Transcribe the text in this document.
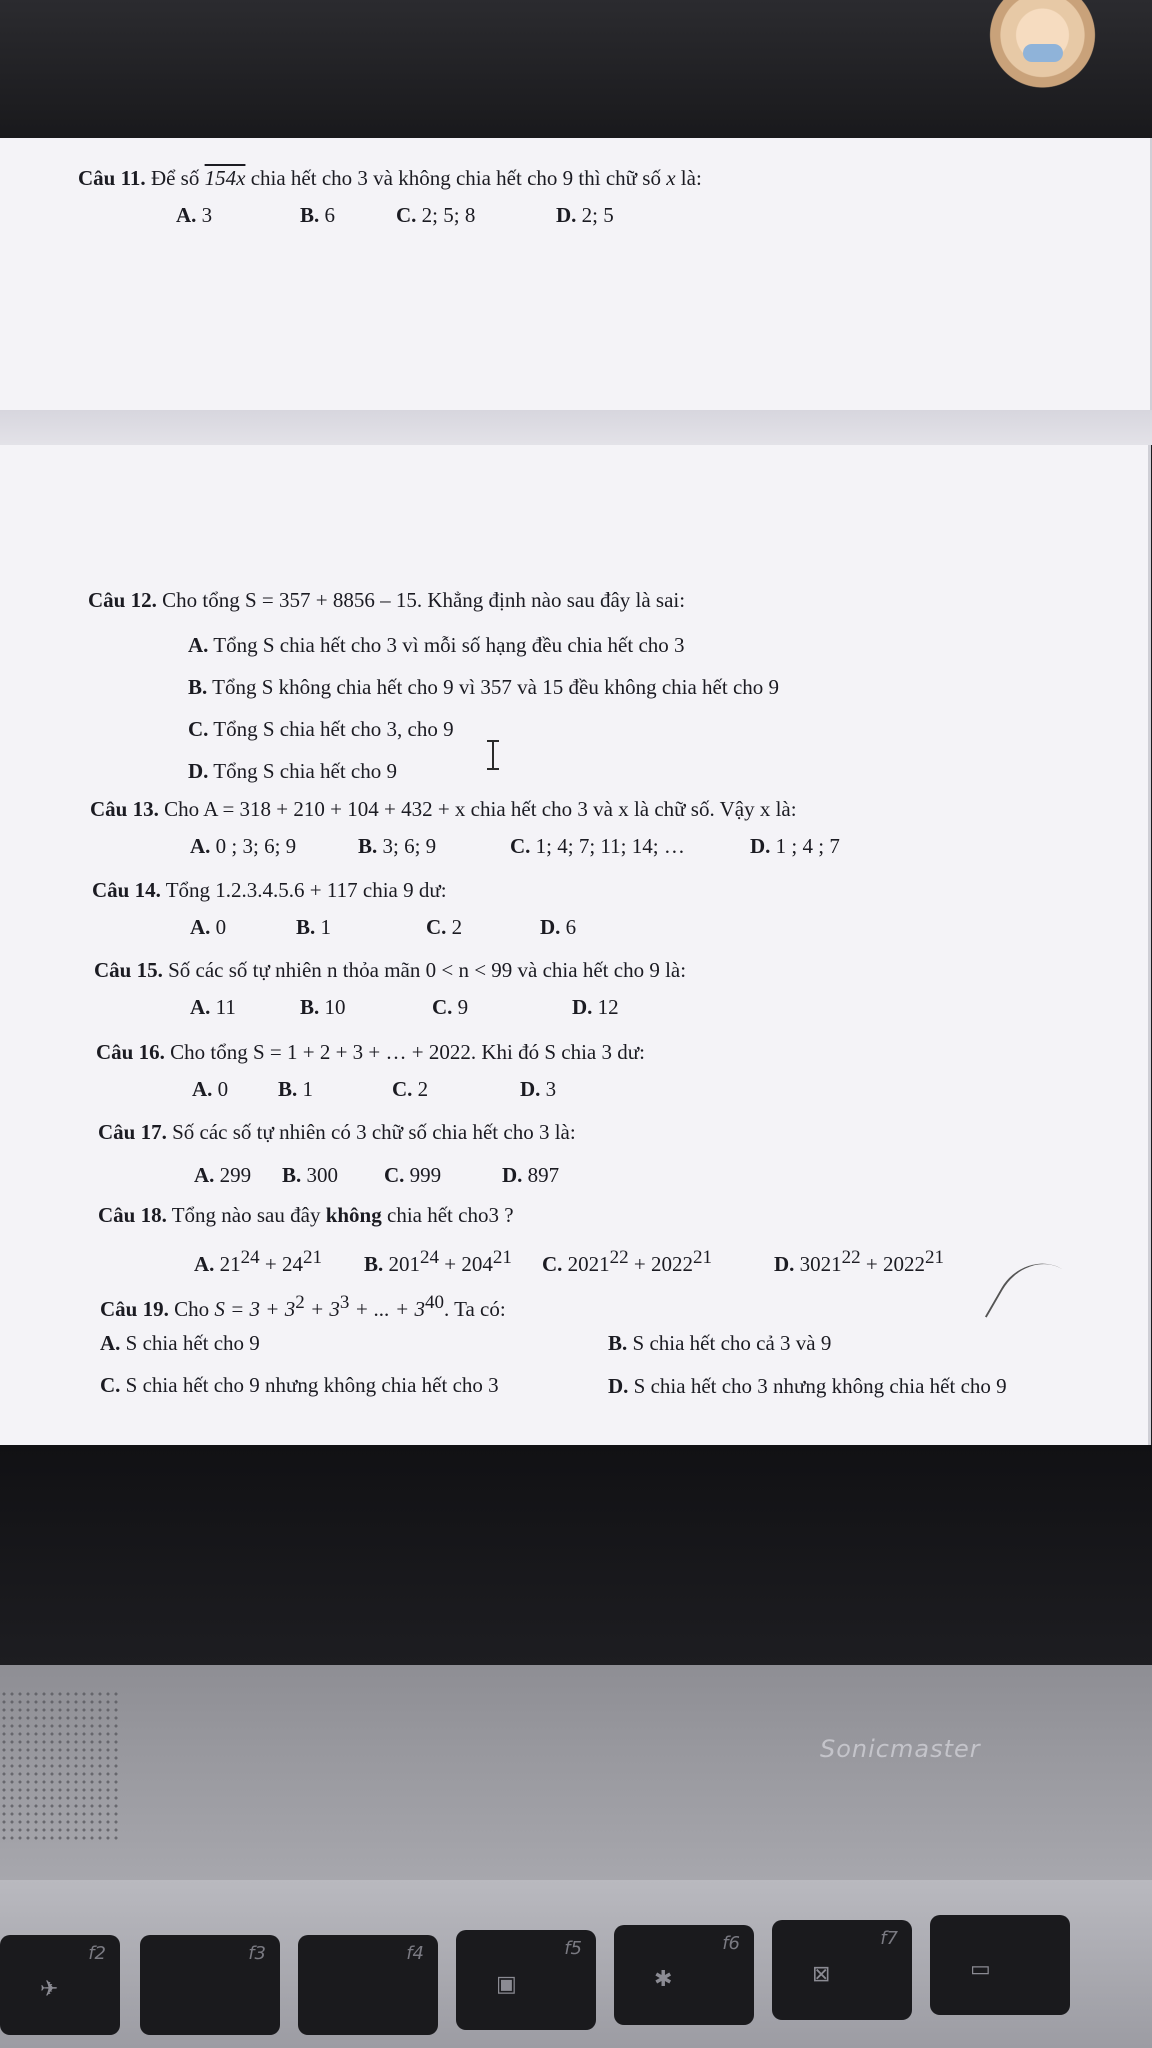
Câu 11. Để số 154x chia hết cho 3 và không chia hết cho 9 thì chữ số x là:
A. 3	B. 6	C. 2; 5; 8	D. 2; 5
Câu 12. Cho tổng S = 357 + 8856 – 15. Khẳng định nào sau đây là sai:
A. Tổng S chia hết cho 3 vì mỗi số hạng đều chia hết cho 3
B. Tổng S không chia hết cho 9 vì 357 và 15 đều không chia hết cho 9
C. Tổng S chia hết cho 3, cho 9
D. Tổng S chia hết cho 9
Câu 13. Cho A = 318 + 210 + 104 + 432 + x chia hết cho 3 và x là chữ số. Vậy x là:
A. 0 ; 3; 6; 9	B. 3; 6; 9	C. 1; 4; 7; 11; 14; …	D. 1 ; 4 ; 7
Câu 14. Tổng 1.2.3.4.5.6 + 117 chia 9 dư:
A. 0	B. 1	C. 2	D. 6
Câu 15. Số các số tự nhiên n thỏa mãn 0 < n < 99 và chia hết cho 9 là:
A. 11	B. 10	C. 9	D. 12
Câu 16. Cho tổng S = 1 + 2 + 3 + … + 2022. Khi đó S chia 3 dư:
A. 0 B. 1	C. 2	D. 3
Câu 17. Số các số tự nhiên có 3 chữ số chia hết cho 3 là:
A. 299 B. 300 C. 999	D. 897
Câu 18. Tổng nào sau đây không chia hết cho3 ?
A. $21^{24} + 24^{21}$ B. $201^{24} + 204^{21}$ C. $2021^{22} + 2022^{21}$	D. $3021^{22} + 2022^{21}$
Câu 19. Cho $S = 3 + 3^2 + 3^3$ + ... + $3^{40}$. Ta có:
A. S chia hết cho 9	B. S chia hết cho cả 3 và 9
C. S chia hết cho 9 nhưng không chia hết cho 3	D. S chia hết cho 3 nhưng không chia hết cho 9
Sonicmaster
f2
✈
f3	f4	f5
▣
f6
✱
f7
⊠	▭
